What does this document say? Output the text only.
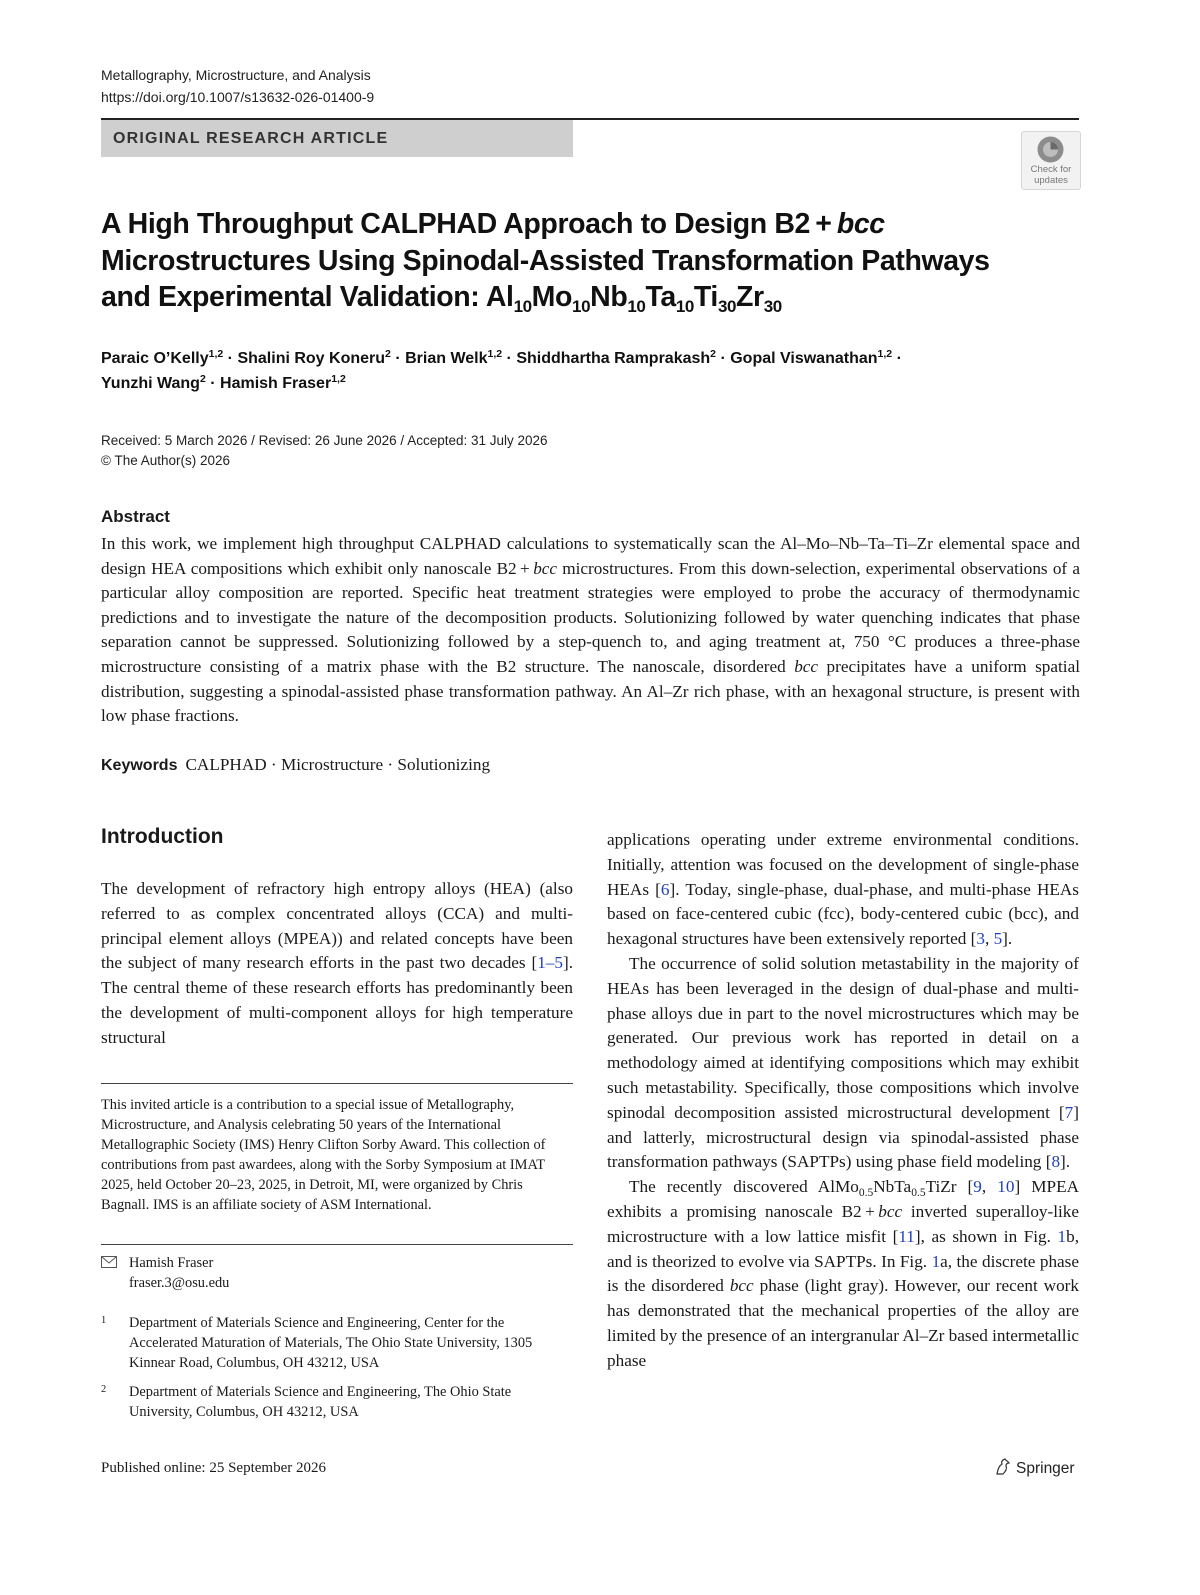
Metallography, Microstructure, and Analysis
https://doi.org/10.1007/s13632-026-01400-9
ORIGINAL RESEARCH ARTICLE
Check for
updates
A High Throughput CALPHAD Approach to Design B2 + bcc
Microstructures Using Spinodal-Assisted Transformation Pathways
and Experimental Validation: $Al_{10}Mo_{10}Nb_{10}Ta_{10}Ti_{30}Zr_{30}$
Paraic O’Kelly$^{1,2}$ · Shalini Roy Koneru$^2$ · Brian Welk$^{1,2}$ · Shiddhartha Ramprakash$^2$ · Gopal Viswanathan$^{1,2}$ ·
Yunzhi Wang$^2$ · Hamish Fraser$^{1,2}$
Received: 5 March 2026 / Revised: 26 June 2026 / Accepted: 31 July 2026
© The Author(s) 2026
Abstract
In this work, we implement high throughput CALPHAD calculations to systematically scan the Al–Mo–Nb–Ta–Ti–Zr elemental space and design HEA compositions which exhibit only nanoscale B2 + bcc microstructures. From this down-selection, experimental observations of a particular alloy composition are reported. Specific heat treatment strategies were employed to probe the accuracy of thermodynamic predictions and to investigate the nature of the decomposition products. Solutionizing followed by water quenching indicates that phase separation cannot be suppressed. Solutionizing followed by a step-quench to, and aging treatment at, 750 °C produces a three-phase microstructure consisting of a matrix phase with the B2 structure. The nanoscale, disordered bcc precipitates have a uniform spatial distribution, suggesting a spinodal-assisted phase transformation pathway. An Al–Zr rich phase, with an hexagonal structure, is present with low phase fractions.
Keywords CALPHAD · Microstructure · Solutionizing
Introduction

The development of refractory high entropy alloys (HEA) (also referred to as complex concentrated alloys (CCA) and multi-principal element alloys (MPEA)) and related concepts have been the subject of many research efforts in the past two decades [1–5]. The central theme of these research efforts has predominantly been the development of multi-component alloys for high temperature structural

applications operating under extreme environmental conditions. Initially, attention was focused on the development of single-phase HEAs [6]. Today, single-phase, dual-phase, and multi-phase HEAs based on face-centered cubic (fcc), body-centered cubic (bcc), and hexagonal structures have been extensively reported [3, 5].

The occurrence of solid solution metastability in the majority of HEAs has been leveraged in the design of dual-phase and multi-phase alloys due in part to the novel microstructures which may be generated. Our previous work has reported in detail on a methodology aimed at identifying compositions which may exhibit such metastability. Specifically, those compositions which involve spinodal decomposition assisted microstructural development [7] and latterly, microstructural design via spinodal-assisted phase transformation pathways (SAPTPs) using phase field modeling [8].

The recently discovered AlMo$_{0.5}$NbTa$_{0.5}$TiZr [9, 10] MPEA exhibits a promising nanoscale B2 + bcc inverted superalloy-like microstructure with a low lattice misfit [11], as shown in Fig. 1b, and is theorized to evolve via SAPTPs. In Fig. 1a, the discrete phase is the disordered bcc phase (light gray). However, our recent work has demonstrated that the mechanical properties of the alloy are limited by the presence of an intergranular Al–Zr based intermetallic phase

This invited article is a contribution to a special issue of Metallography, Microstructure, and Analysis celebrating 50 years of the International Metallographic Society (IMS) Henry Clifton Sorby Award. This collection of contributions from past awardees, along with the Sorby Symposium at IMAT 2025, held October 20–23, 2025, in Detroit, MI, were organized by Chris Bagnall. IMS is an affiliate society of ASM International.
Hamish Fraser
fraser.3@osu.edu
1 Department of Materials Science and Engineering, Center for the Accelerated Maturation of Materials, The Ohio State University, 1305 Kinnear Road, Columbus, OH 43212, USA
2 Department of Materials Science and Engineering, The Ohio State University, Columbus, OH 43212, USA
Published online: 25 September 2026	Springer
